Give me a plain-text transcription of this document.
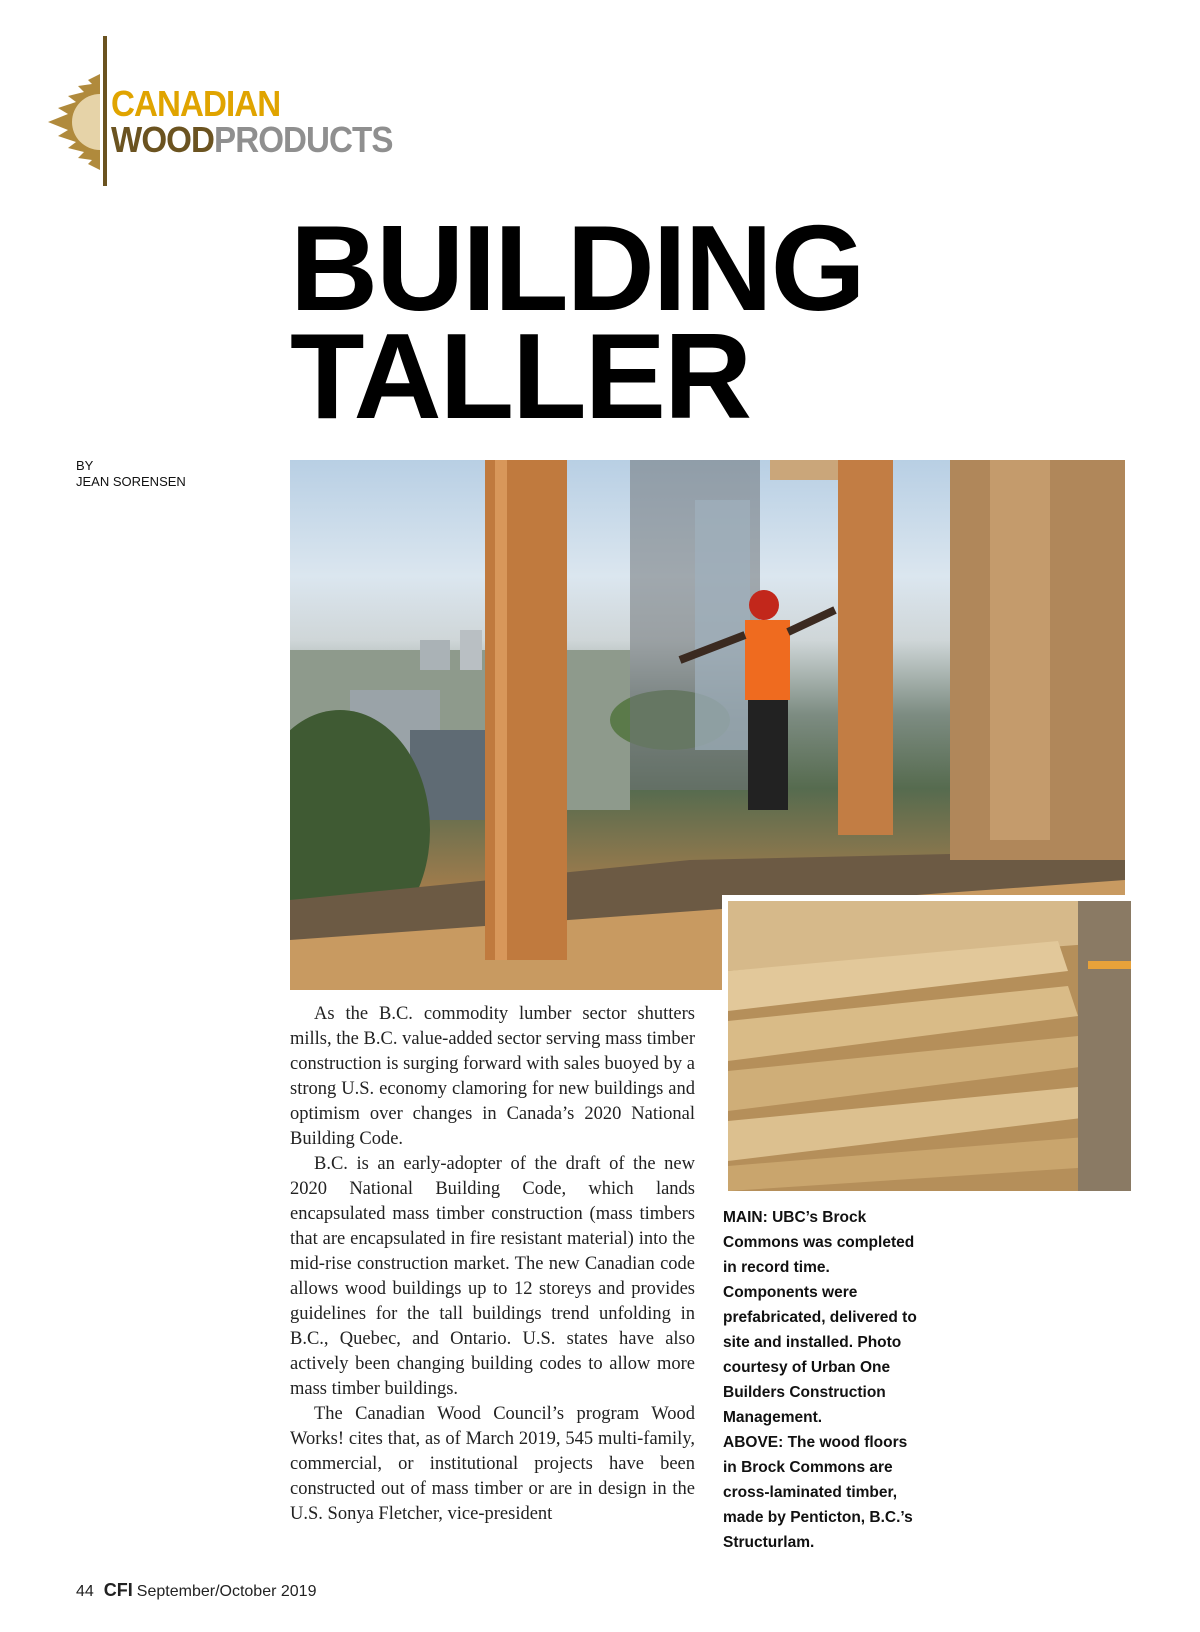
CANADIAN
WOODPRODUCTS
BUILDING
TALLER
BY
JEAN SORENSEN

As the B.C. commodity lumber sector shutters mills, the B.C. value-added sector serving mass timber construction is surging forward with sales buoyed by a strong U.S. economy clamoring for new buildings and optimism over changes in Canada’s 2020 National Building Code.

B.C. is an early-adopter of the draft of the new 2020 National Building Code, which lands encapsulated mass timber construction (mass timbers that are encapsulated in fire resistant material) into the mid-rise construction market. The new Canadian code allows wood buildings up to 12 storeys and provides guidelines for the tall buildings trend unfolding in B.C., Quebec, and Ontario. U.S. states have also actively been changing building codes to allow more mass timber buildings.

The Canadian Wood Council’s program Wood Works! cites that, as of March 2019, 545 multi-family, commercial, or institutional projects have been constructed out of mass timber or are in design in the U.S. Sonya Fletcher, vice-president

MAIN: UBC’s Brock Commons was completed in record time. Components were prefabricated, delivered to site and installed. Photo courtesy of Urban One Builders Construction Management.

ABOVE: The wood floors in Brock Commons are cross-laminated timber, made by Penticton, B.C.’s Structurlam.

44 CFI September/October 2019
